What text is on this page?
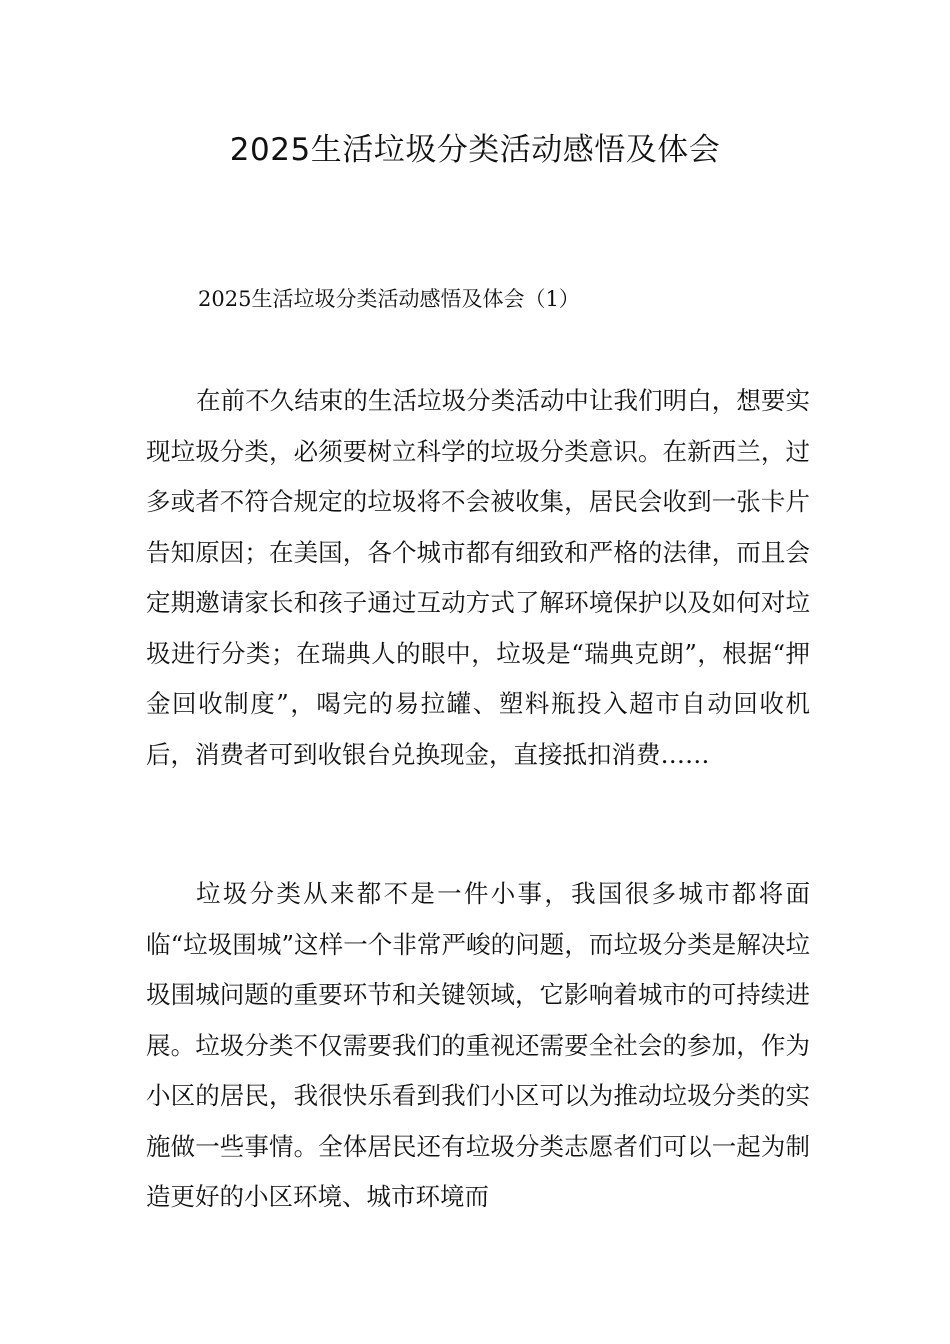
2025生活垃圾分类活动感悟及体会
2025生活垃圾分类活动感悟及体会（1）

在前不久结束的生活垃圾分类活动中让我们明白，想要实现垃圾分类，必须要树立科学的垃圾分类意识。在新西兰，过多或者不符合规定的垃圾将不会被收集，居民会收到一张卡片告知原因；在美国，各个城市都有细致和严格的法律，而且会定期邀请家长和孩子通过互动方式了解环境保护以及如何对垃圾进行分类；在瑞典人的眼中，垃圾是“瑞典克朗”，根据“押金回收制度”，喝完的易拉罐、塑料瓶投入超市自动回收机后，消费者可到收银台兑换现金，直接抵扣消费……

垃圾分类从来都不是一件小事，我国很多城市都将面临“垃圾围城”这样一个非常严峻的问题，而垃圾分类是解决垃圾围城问题的重要环节和关键领域，它影响着城市的可持续进展。垃圾分类不仅需要我们的重视还需要全社会的参加，作为小区的居民，我很快乐看到我们小区可以为推动垃圾分类的实施做一些事情。全体居民还有垃圾分类志愿者们可以一起为制造更好的小区环境、城市环境而
